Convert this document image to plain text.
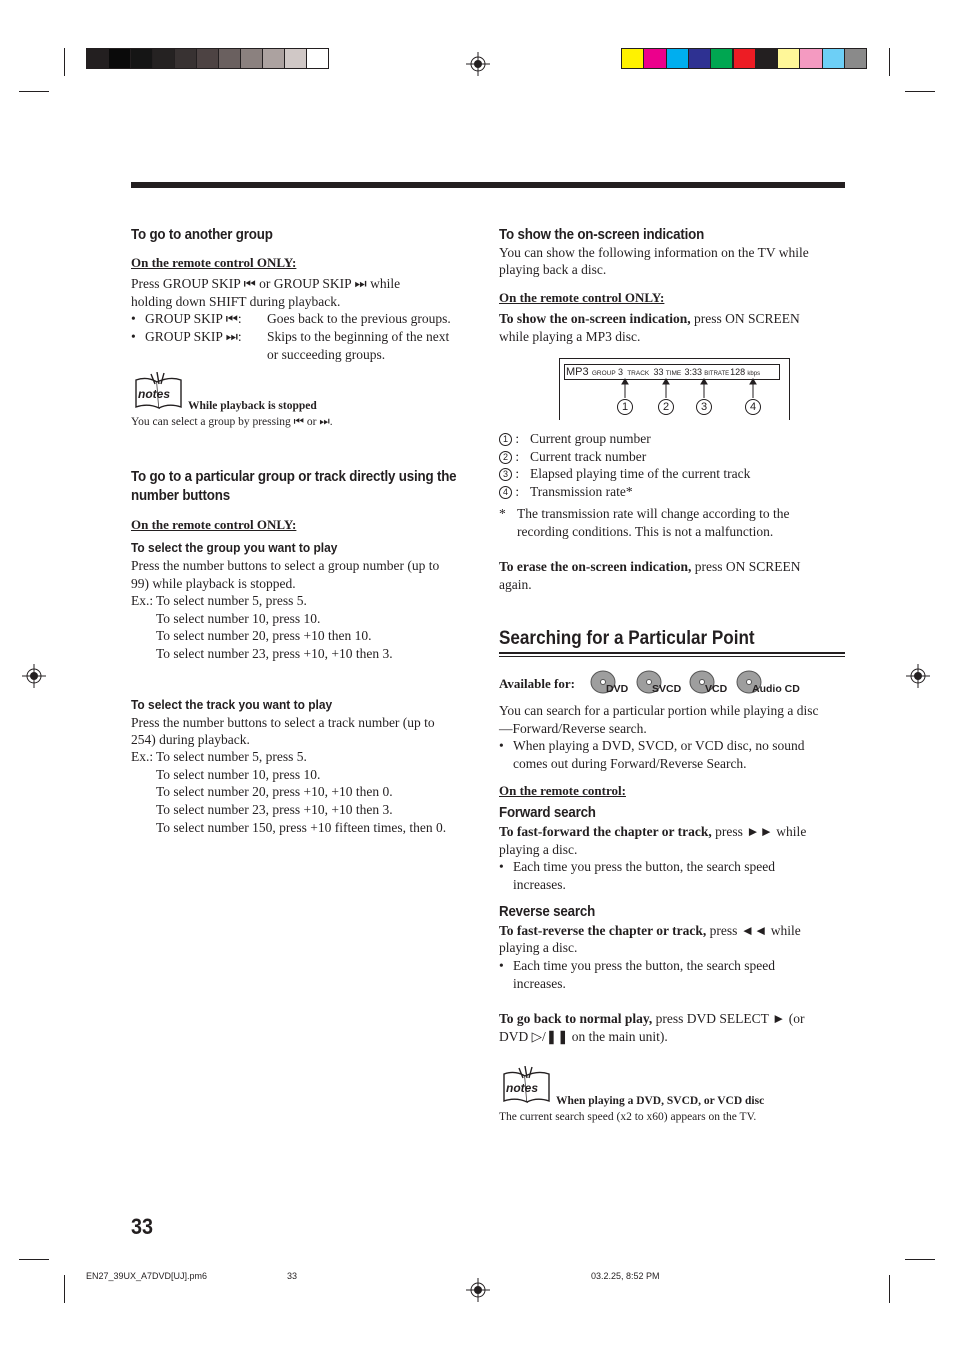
To go to another group
On the remote control ONLY:
Press GROUP SKIP ⏮ or GROUP SKIP ⏭ while
holding down SHIFT during playback.
• GROUP SKIP ⏮: Goes back to the previous groups.
• GROUP SKIP ⏭: Skips to the beginning of the next
or succeeding groups.
notes
While playback is stopped
You can select a group by pressing ⏮ or ⏭.
To go to a particular group or track directly using the
number buttons
On the remote control ONLY:
To select the group you want to play
Press the number buttons to select a group number (up to
99) while playback is stopped.
Ex.: To select number 5, press 5.
To select number 10, press 10.
To select number 20, press +10 then 10.
To select number 23, press +10, +10 then 3.
To select the track you want to play
Press the number buttons to select a track number (up to
254) during playback.
Ex.: To select number 5, press 5.
To select number 10, press 10.
To select number 20, press +10, +10 then 0.
To select number 23, press +10, +10 then 3.
To select number 150, press +10 fifteen times, then 0.
To show the on-screen indication
You can show the following information on the TV while
playing back a disc.
On the remote control ONLY:
To show the on-screen indication, press ON SCREEN
while playing a MP3 disc.
MP3 GROUP 3 TRACK 33 TIME 3:33 BITRATE128 kbps
1	2	3	4
1 : Current group number
2 : Current track number
3 : Elapsed playing time of the current track
4 : Transmission rate*
* The transmission rate will change according to the
recording conditions. This is not a malfunction.
To erase the on-screen indication, press ON SCREEN
again.
Searching for a Particular Point
Available for:	DVD SVCD VCD Audio CD
You can search for a particular portion while playing a disc
—Forward/Reverse search.
• When playing a DVD, SVCD, or VCD disc, no sound
comes out during Forward/Reverse Search.
On the remote control:
Forward search
To fast-forward the chapter or track, press ►► while
playing a disc.
• Each time you press the button, the search speed
increases.
Reverse search
To fast-reverse the chapter or track, press ◄◄ while
playing a disc.
• Each time you press the button, the search speed
increases.
To go back to normal play, press DVD SELECT ► (or
DVD ▷/❚❚ on the main unit).
notes
When playing a DVD, SVCD, or VCD disc
The current search speed (x2 to x60) appears on the TV.
33
EN27_39UX_A7DVD[UJ].pm6	33	03.2.25, 8:52 PM
